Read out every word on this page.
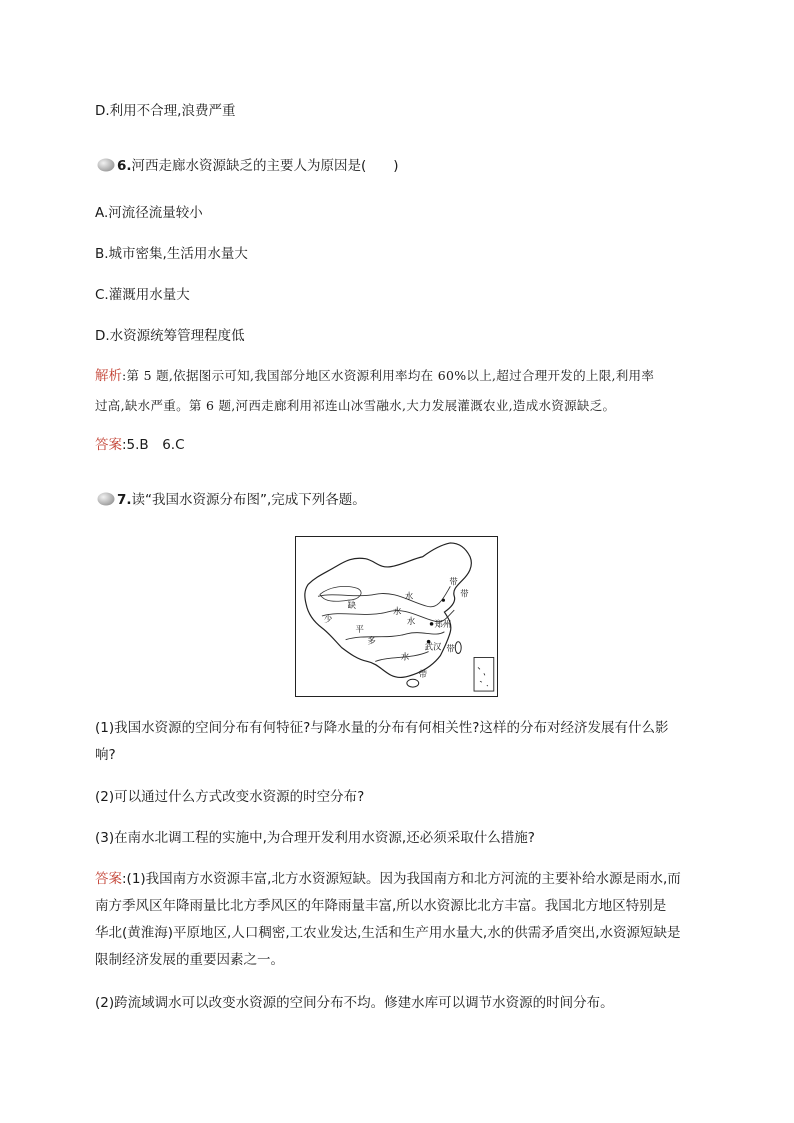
D.利用不合理,浪费严重
6.河西走廊水资源缺乏的主要人为原因是(　　)
A.河流径流量较小
B.城市密集,生活用水量大
C.灌溉用水量大
D.水资源统筹管理程度低
解析:第 5 题,依据图示可知,我国部分地区水资源利用率均在 60%以上,超过合理开发的上限,利用率
过高,缺水严重。第 6 题,河西走廊利用祁连山冰雪融水,大力发展灌溉农业,造成水资源缺乏。
答案:5.B　6.C
7.读“我国水资源分布图”,完成下列各题。
缺
水
带
带
少
水
水
平	郑州
多
武汉
水
带
带
(1)我国水资源的空间分布有何特征?与降水量的分布有何相关性?这样的分布对经济发展有什么影
响?
(2)可以通过什么方式改变水资源的时空分布?
(3)在南水北调工程的实施中,为合理开发利用水资源,还必须采取什么措施?
答案:(1)我国南方水资源丰富,北方水资源短缺。因为我国南方和北方河流的主要补给水源是雨水,而
南方季风区年降雨量比北方季风区的年降雨量丰富,所以水资源比北方丰富。我国北方地区特别是
华北(黄淮海)平原地区,人口稠密,工农业发达,生活和生产用水量大,水的供需矛盾突出,水资源短缺是
限制经济发展的重要因素之一。
(2)跨流域调水可以改变水资源的空间分布不均。修建水库可以调节水资源的时间分布。
